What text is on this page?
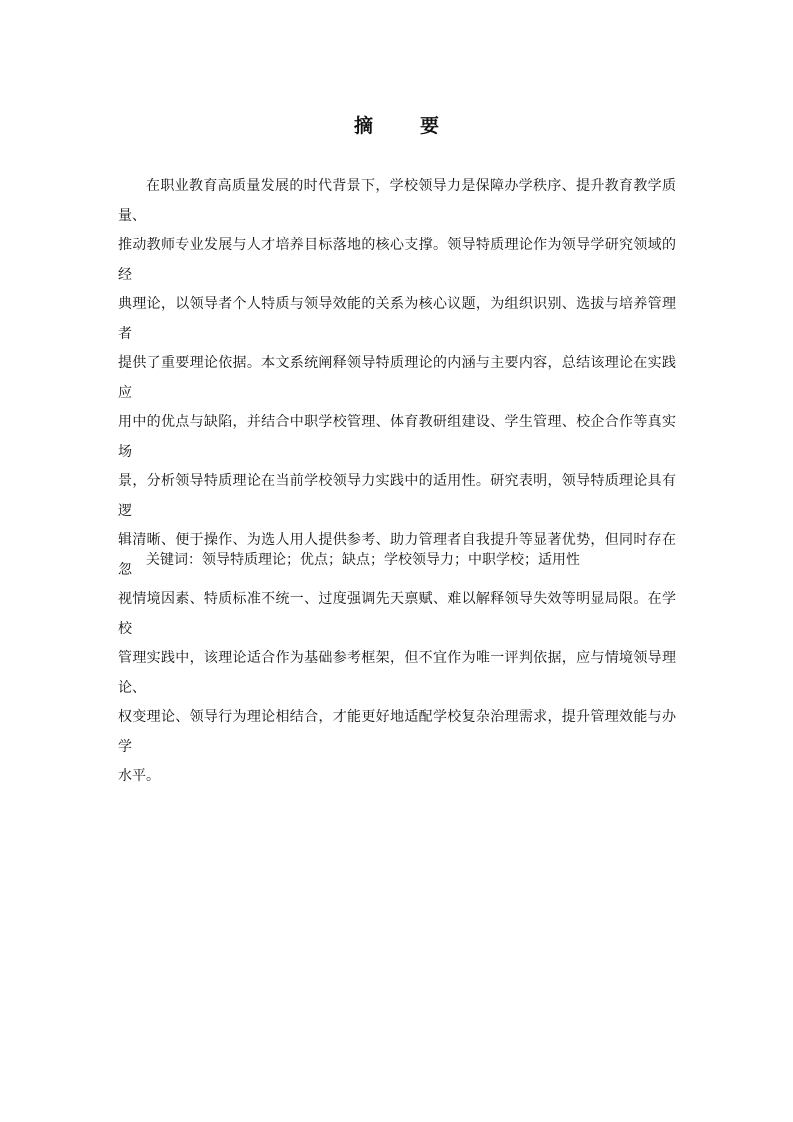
摘　要

在职业教育高质量发展的时代背景下，学校领导力是保障办学秩序、提升教育教学质量、
推动教师专业发展与人才培养目标落地的核心支撑。领导特质理论作为领导学研究领域的经
典理论，以领导者个人特质与领导效能的关系为核心议题，为组织识别、选拔与培养管理者
提供了重要理论依据。本文系统阐释领导特质理论的内涵与主要内容，总结该理论在实践应
用中的优点与缺陷，并结合中职学校管理、体育教研组建设、学生管理、校企合作等真实场
景，分析领导特质理论在当前学校领导力实践中的适用性。研究表明，领导特质理论具有逻
辑清晰、便于操作、为选人用人提供参考、助力管理者自我提升等显著优势，但同时存在忽
视情境因素、特质标准不统一、过度强调先天禀赋、难以解释领导失效等明显局限。在学校
管理实践中，该理论适合作为基础参考框架，但不宜作为唯一评判依据，应与情境领导理论、
权变理论、领导行为理论相结合，才能更好地适配学校复杂治理需求，提升管理效能与办学
水平。

关键词：领导特质理论；优点；缺点；学校领导力；中职学校；适用性
